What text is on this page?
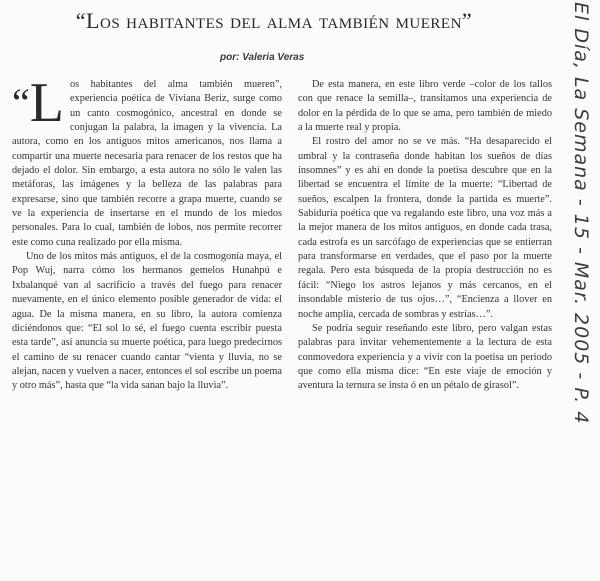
“Los habitantes del alma también mueren”
por: Valeria Veras
“L os habitantes del alma también mueren”, experiencia poética de Viviana Beriz, surge como un canto cosmogónico, ancestral en donde se conjugan la palabra, la imagen y la vivencia. La autora, como en los antiguos mitos americanos, nos llama a compartir una muerte necesaria para renacer de los restos que ha dejado el dolor. Sin embargo, a esta autora no sólo le valen las metáforas, las imágenes y la belleza de las palabras para expresarse, sino que también recorre a grapa muerte, cuando se ve la experiencia de insertarse en el mundo de los miedos personales. Para lo cual, también de lobos, nos permite recorrer este como cuna realizado por ella misma.

Uno de los mitos más antiguos, el de la cosmogonía maya, el Pop Wuj, narra cómo los hermanos gemelos Hunahpú e Ixbalanqué van al sacrificio a través del fuego para renacer nuevamente, en el único elemento posible generador de vida: el agua. De la misma manera, en su libro, la autora comienza diciéndonos que: “El sol lo sé, el fuego cuenta escribir puesta esta tarde”, así anuncia su muerte poética, para luego predecirnos el camino de su renacer cuando cantar “vienta y lluvia, no se alejan, nacen y vuelven a nacer, entonces el sol escribe un poema y otro más”, hasta que “la vida sanan bajo la lluvia”.

De esta manera, en este libro verde –color de los tallos con que renace la semilla–, transitamos una experiencia de dolor en la pérdida de lo que se ama, pero también de miedo a la muerte real y propia.

El rostro del amor no se ve más. “Ha desaparecido el umbral y la contraseña donde habitan los sueños de días insomnes” y es ahí en donde la poetisa descubre que en la libertad se encuentra el límite de la muerte: “Libertad de sueños, escalpen la frontera, donde la partida es muerte”. Sabiduría poética que va regalando este libro, una voz más a la mejor manera de los mitos antiguos, en donde cada trasa, cada estrofa es un sarcófago de experiencias que se entierran para transformarse en verdades, que el paso por la muerte regala. Pero esta búsqueda de la propia destrucción no es fácil: “Niego los astros lejanos y más cercanos, en el insondable misterio de tus ojos…”, “Encienza a llover en noche amplia, cercada de sombras y estrías…”.

Se podría seguir reseñando este libro, pero valgan estas palabras para invitar vehementemente a la lectura de esta conmovedora experiencia y a vivir con la poetisa un periodo que como ella misma dice: “En este viaje de emoción y aventura la ternura se insta ó en un pétalo de girasol”.	El Día, La Semana - 15 - Mar. 2005 - P. 4
